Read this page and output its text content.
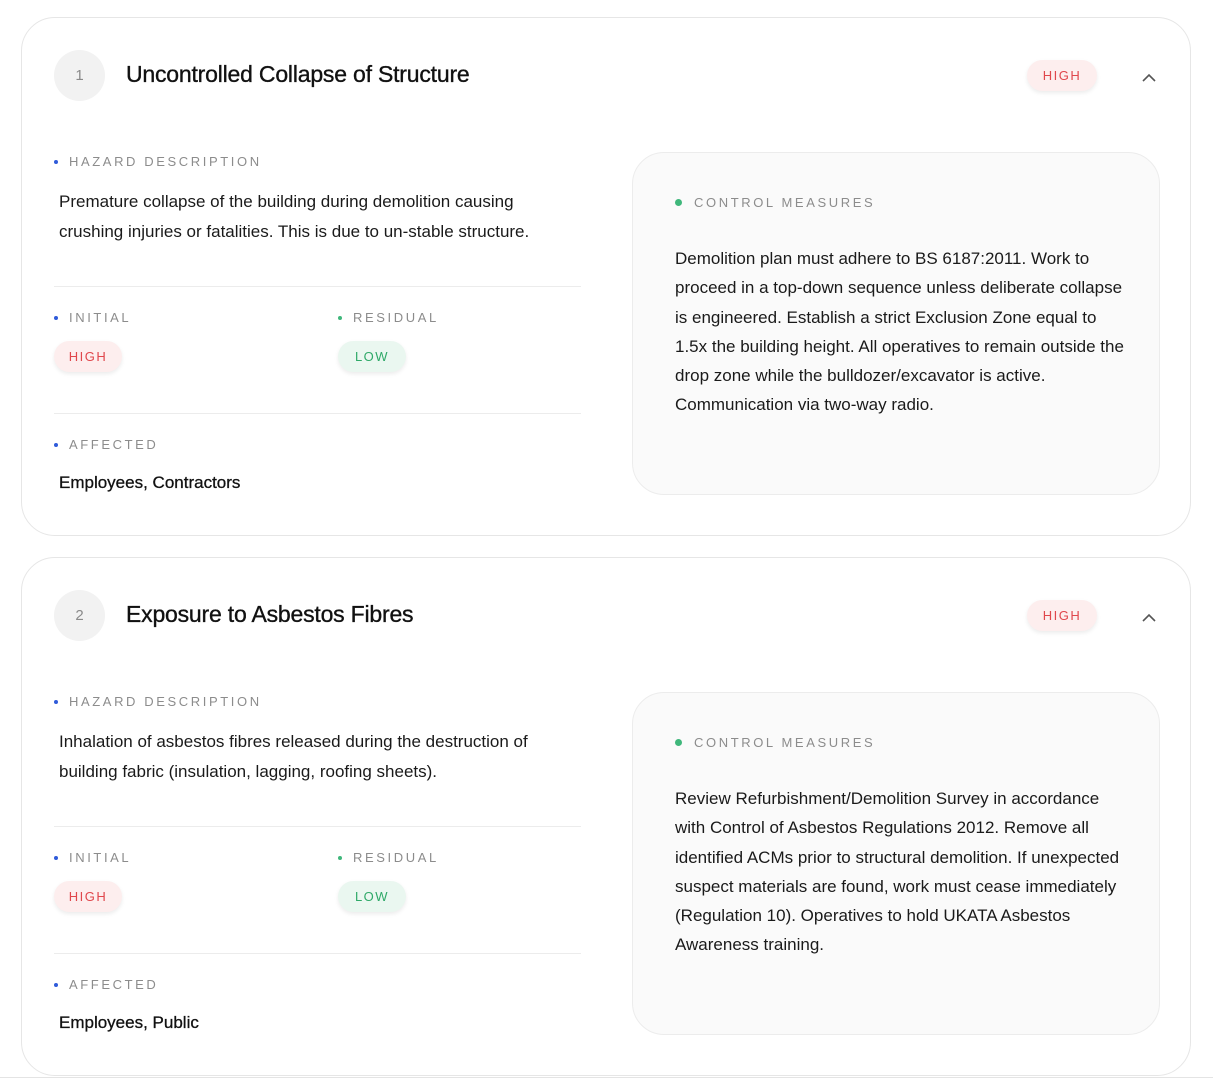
1	Uncontrolled Collapse of Structure	HIGH
HAZARD DESCRIPTION
Premature collapse of the building during demolition causing crushing injuries or fatalities. This is due to un-stable structure.
INITIAL
HIGH
RESIDUAL
LOW
AFFECTED
Employees, Contractors
CONTROL MEASURES
Demolition plan must adhere to BS 6187:2011. Work to proceed in a top-down sequence unless deliberate collapse is engineered. Establish a strict Exclusion Zone equal to 1.5x the building height. All operatives to remain outside the drop zone while the bulldozer/excavator is active. Communication via two-way radio.
2	Exposure to Asbestos Fibres	HIGH
HAZARD DESCRIPTION
Inhalation of asbestos fibres released during the destruction of building fabric (insulation, lagging, roofing sheets).
INITIAL
HIGH
RESIDUAL
LOW
AFFECTED
Employees, Public
CONTROL MEASURES
Review Refurbishment/Demolition Survey in accordance with Control of Asbestos Regulations 2012. Remove all identified ACMs prior to structural demolition. If unexpected suspect materials are found, work must cease immediately (Regulation 10). Operatives to hold UKATA Asbestos Awareness training.
